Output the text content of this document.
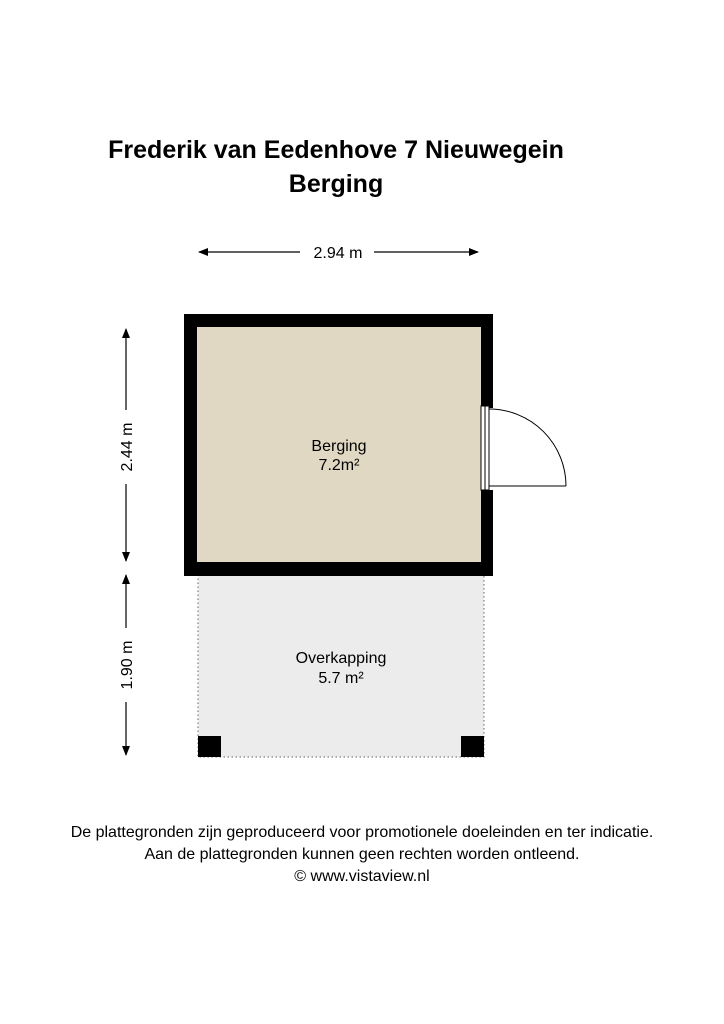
Frederik van Eedenhove 7 Nieuwegein
Berging
2.94 m
2.44 m
1.90 m
Berging
7.2m²
Overkapping
5.7 m²
De plattegronden zijn geproduceerd voor promotionele doeleinden en ter indicatie.
Aan de plattegronden kunnen geen rechten worden ontleend.
© www.vistaview.nl
